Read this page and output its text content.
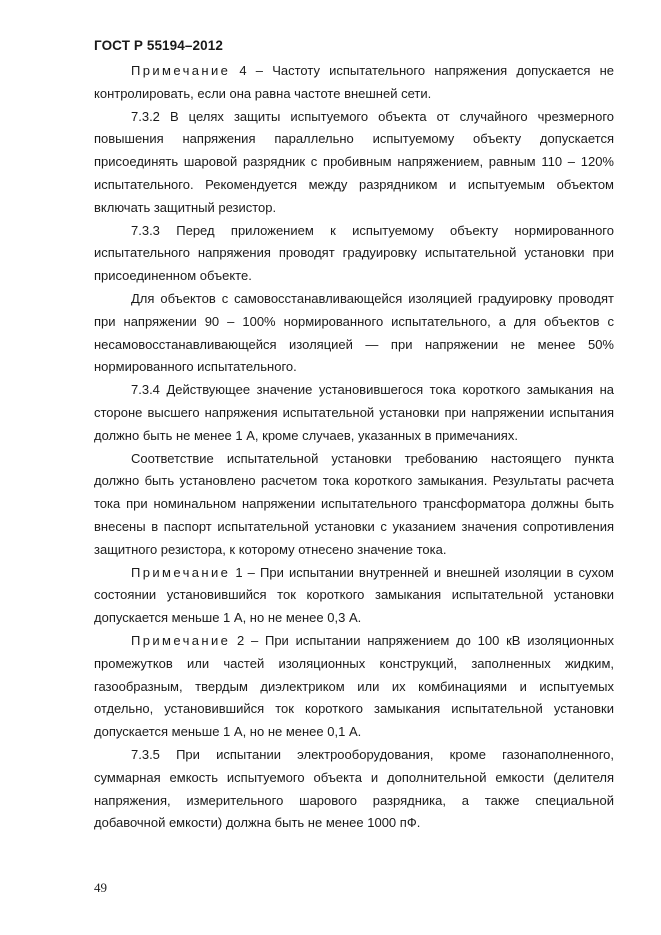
ГОСТ Р 55194–2012

Примечание 4 – Частоту испытательного напряжения допускается не контролировать, если она равна частоте внешней сети.

7.3.2 В целях защиты испытуемого объекта от случайного чрезмерного повышения напряжения параллельно испытуемому объекту допускается присоединять шаровой разрядник с пробивным напряжением, равным 110 – 120% испытательного. Рекомендуется между разрядником и испытуемым объектом включать защитный резистор.

7.3.3 Перед приложением к испытуемому объекту нормированного испытательного напряжения проводят градуировку испытательной установки при присоединенном объекте.

Для объектов с самовосстанавливающейся изоляцией градуировку проводят при напряжении 90 – 100% нормированного испытательного, а для объектов с несамовосстанавливающейся изоляцией — при напряжении не менее 50% нормированного испытательного.

7.3.4 Действующее значение установившегося тока короткого замыкания на стороне высшего напряжения испытательной установки при напряжении испытания должно быть не менее 1 А, кроме случаев, указанных в примечаниях.

Соответствие испытательной установки требованию настоящего пункта должно быть установлено расчетом тока короткого замыкания. Результаты расчета тока при номинальном напряжении испытательного трансформатора должны быть внесены в паспорт испытательной установки с указанием значения сопротивления защитного резистора, к которому отнесено значение тока.

Примечание 1 – При испытании внутренней и внешней изоляции в сухом состоянии установившийся ток короткого замыкания испытательной установки допускается меньше 1 А, но не менее 0,3 А.

Примечание 2 – При испытании напряжением до 100 кВ изоляционных промежутков или частей изоляционных конструкций, заполненных жидким, газообразным, твердым диэлектриком или их комбинациями и испытуемых отдельно, установившийся ток короткого замыкания испытательной установки допускается меньше 1 А, но не менее 0,1 А.

7.3.5 При испытании электрооборудования, кроме газонаполненного, суммарная емкость испытуемого объекта и дополнительной емкости (делителя напряжения, измерительного шарового разрядника, а также специальной добавочной емкости) должна быть не менее 1000 пФ.

49
